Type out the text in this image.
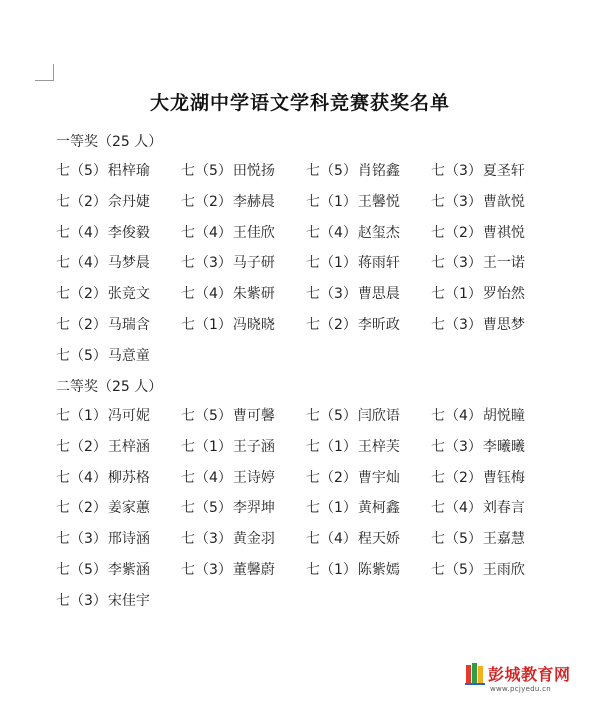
大龙湖中学语文学科竞赛获奖名单
一等奖（25 人）
七（5）稆梓瑜	七（5）田悦扬	七（5）肖铭鑫	七（3）夏圣轩
七（2）佘丹婕	七（2）李赫晨	七（1）王馨悦	七（3）曹歆悦
七（4）李俊毅	七（4）王佳欣	七（4）赵玺杰	七（2）曹祺悦
七（4）马梦晨	七（3）马子研	七（1）蒋雨轩	七（3）王一诺
七（2）张竞文	七（4）朱紫研	七（3）曹思晨	七（1）罗怡然
七（2）马瑞含	七（1）冯晓晓	七（2）李昕政	七（3）曹思梦
七（5）马意童
二等奖（25 人）
七（1）冯可妮	七（5）曹可馨	七（5）闫欣语	七（4）胡悦瞳
七（2）王梓涵	七（1）王子涵	七（1）王梓芙	七（3）李曦曦
七（4）柳苏格	七（4）王诗婷	七（2）曹宇灿	七（2）曹钰梅
七（2）姜家蕙	七（5）李羿坤	七（1）黄柯鑫	七（4）刘春言
七（3）邢诗涵	七（3）黄金羽	七（4）程天娇	七（5）王嘉慧
七（5）李紫涵	七（3）董馨蔚	七（1）陈紫嫣	七（5）王雨欣
七（3）宋佳宇
彭城教育网
www.pcjyedu.cn
